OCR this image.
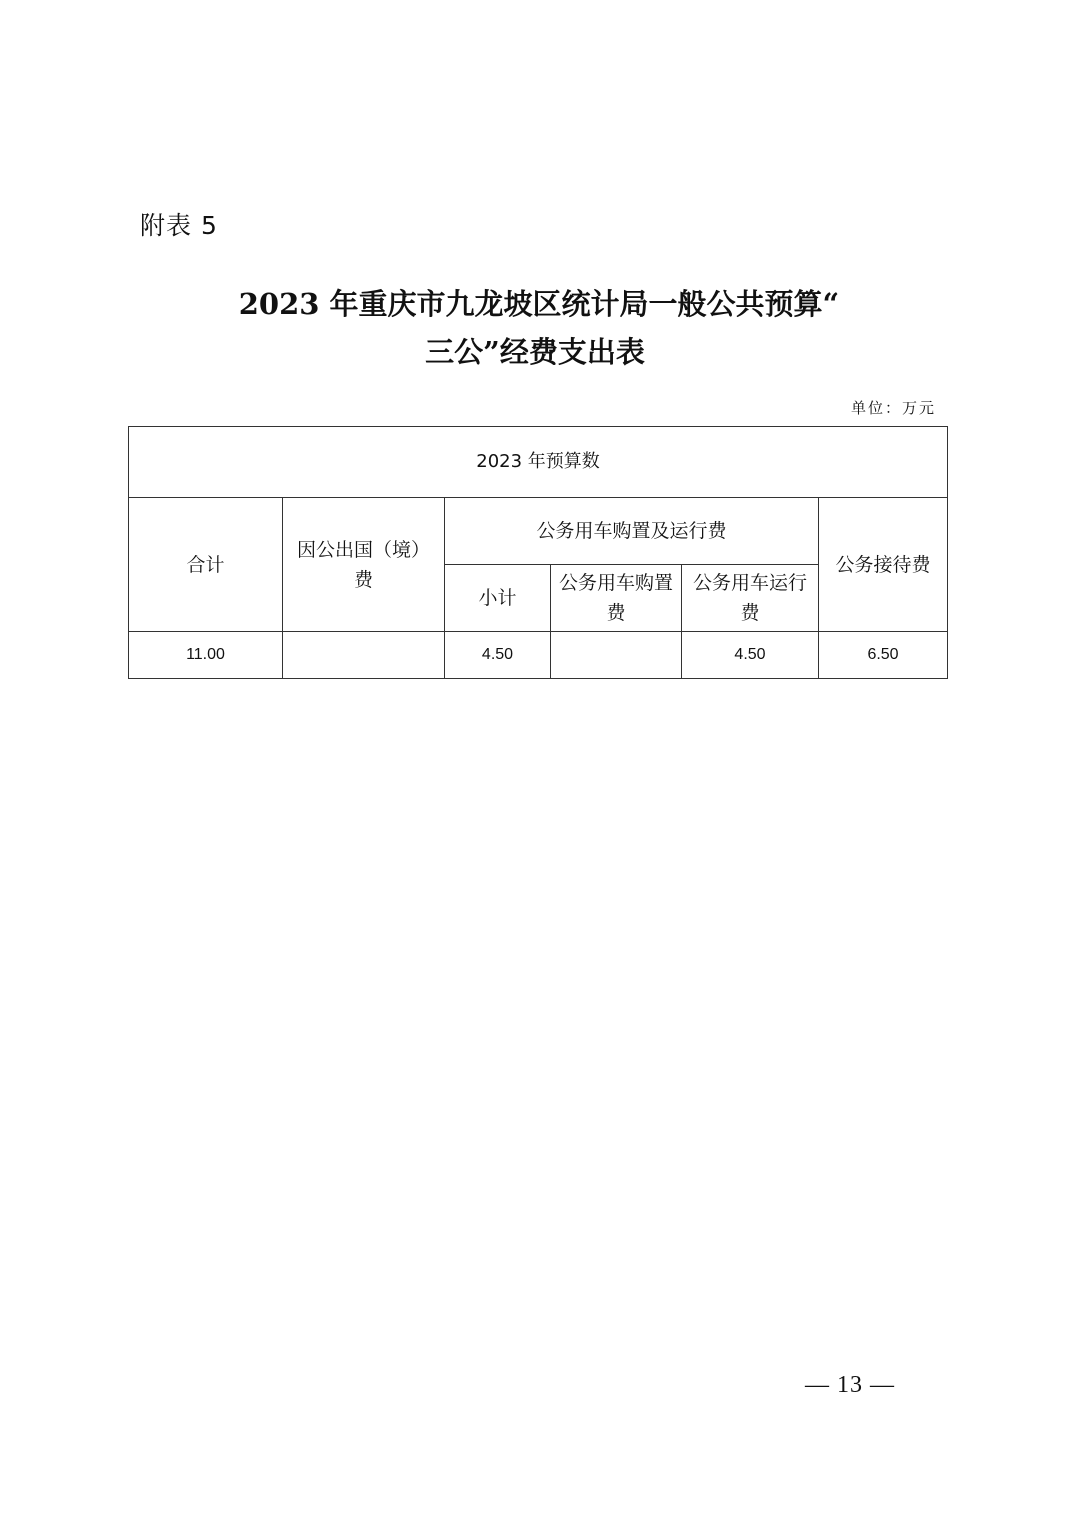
附表 5
2023 年重庆市九龙坡区统计局一般公共预算“
三公”经费支出表
单位：万元
2023 年预算数					
合计	因公出国（境）费	公务用车购置及运行费			公务接待费
		小计	公务用车购置费	公务用车运行费	
11.00		4.50		4.50	6.50
— 13 —
